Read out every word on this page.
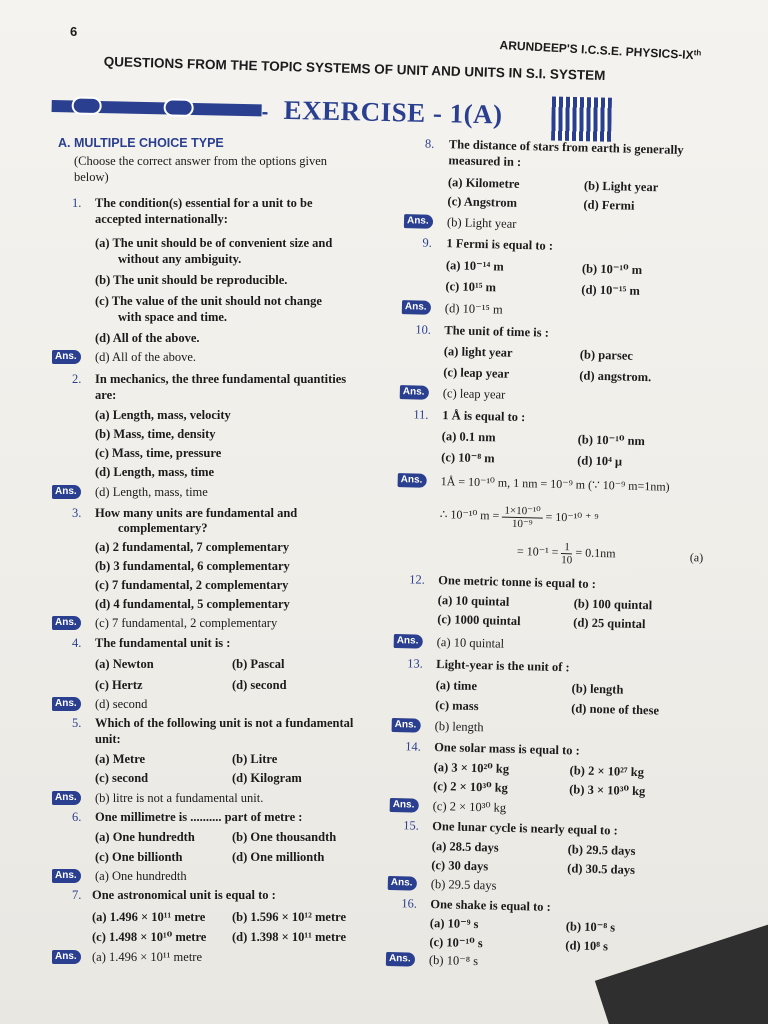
6
ARUNDEEP'S I.C.S.E. PHYSICS-IXth
QUESTIONS FROM THE TOPIC SYSTEMS OF UNIT AND UNITS IN S.I. SYSTEM
- EXERCISE - 1(A)
A. MULTIPLE CHOICE TYPE
(Choose the correct answer from the options given
below)
1. The condition(s) essential for a unit to be
accepted internationally:
(a) The unit should be of convenient size and
without any ambiguity.
(b) The unit should be reproducible.
(c) The value of the unit should not change
with space and time.
(d) All of the above.
Ans.	(d) All of the above.
2. In mechanics, the three fundamental quantities
are:
(a) Length, mass, velocity
(b) Mass, time, density
(c) Mass, time, pressure
(d) Length, mass, time
Ans.	(d) Length, mass, time
3. How many units are fundamental and
complementary?
(a) 2 fundamental, 7 complementary
(b) 3 fundamental, 6 complementary
(c) 7 fundamental, 2 complementary
(d) 4 fundamental, 5 complementary
Ans.	(c) 7 fundamental, 2 complementary
4. The fundamental unit is :
(a) Newton	(b) Pascal
(c) Hertz	(d) second
Ans.	(d) second
5. Which of the following unit is not a fundamental
unit:
(a) Metre	(b) Litre
(c) second	(d) Kilogram
Ans.	(b) litre is not a fundamental unit.
6. One millimetre is .......... part of metre :
(a) One hundredth	(b) One thousandth
(c) One billionth	(d) One millionth
Ans.	(a) One hundredth
7. One astronomical unit is equal to :
(a) 1.496 × 10¹¹ metre (b) 1.596 × 10¹² metre
(c) 1.498 × 10¹⁰ metre (d) 1.398 × 10¹¹ metre
Ans.	(a) 1.496 × 10¹¹ metre
8. The distance of stars from earth is generally
measured in :
(a) Kilometre	(b) Light year
(c) Angstrom	(d) Fermi
Ans.	(b) Light year
9. 1 Fermi is equal to :
(a) 10⁻¹⁴ m	(b) 10⁻¹⁰ m
(c) 10¹⁵ m	(d) 10⁻¹⁵ m
Ans.	(d) 10⁻¹⁵ m
10. The unit of time is :
(a) light year	(b) parsec
(c) leap year	(d) angstrom.
Ans.	(c) leap year
11. 1 Å is equal to :
(a) 0.1 nm	(b) 10⁻¹⁰ nm
(c) 10⁻⁸ m	(d) 10⁴ μ
Ans.	1Å = 10⁻¹⁰ m, 1 nm = 10⁻⁹ m (∵ 10⁻⁹ m=1nm)
∴ 10⁻¹⁰ $m = \frac{\text{1×10⁻¹⁰}}{\text{10⁻⁹}} = 10^{-10}$ ⁺ ⁹
= $10^{-1} = \frac{1}{10} = 0.1nm$	(a)
12. One metric tonne is equal to :
(a) 10 quintal	(b) 100 quintal
(c) 1000 quintal	(d) 25 quintal
Ans.	(a) 10 quintal
13. Light-year is the unit of :
(a) time	(b) length
(c) mass	(d) none of these
Ans.	(b) length
14. One solar mass is equal to :
(a) 3 × 10²⁰ kg	(b) 2 × 10²⁷ kg
(c) 2 × 10³⁰ kg	(b) 3 × 10³⁰ kg
Ans.	(c) 2 × 10³⁰ kg
15. One lunar cycle is nearly equal to :
(a) 28.5 days	(b) 29.5 days
(c) 30 days	(d) 30.5 days
Ans.	(b) 29.5 days
16. One shake is equal to :
(a) 10⁻⁹ s	(b) 10⁻⁸ s
(c) 10⁻¹⁰ s	(d) 10⁸ s
Ans.	(b) 10⁻⁸ s
